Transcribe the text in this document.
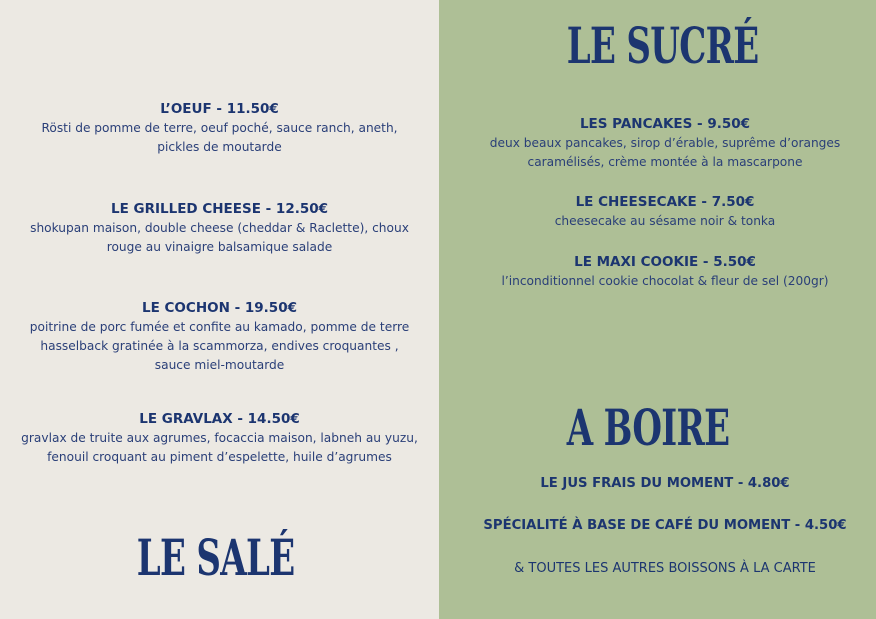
L’OEUF - 11.50€
Rösti de pomme de terre, oeuf poché, sauce ranch, aneth,
pickles de moutarde
LE GRILLED CHEESE - 12.50€
shokupan maison, double cheese (cheddar & Raclette), choux
rouge au vinaigre balsamique salade
LE COCHON - 19.50€
poitrine de porc fumée et confite au kamado, pomme de terre
hasselback gratinée à la scammorza, endives croquantes ,
sauce miel-moutarde
LE GRAVLAX - 14.50€
gravlax de truite aux agrumes, focaccia maison, labneh au yuzu,
fenouil croquant au piment d’espelette, huile d’agrumes
LE SALÉ
LE SUCRÉ
LES PANCAKES - 9.50€
deux beaux pancakes, sirop d’érable, suprême d’oranges
caramélisés, crème montée à la mascarpone
LE CHEESECAKE - 7.50€
cheesecake au sésame noir & tonka
LE MAXI COOKIE - 5.50€
l’inconditionnel cookie chocolat & fleur de sel (200gr)
A BOIRE
LE JUS FRAIS DU MOMENT - 4.80€
SPÉCIALITÉ À BASE DE CAFÉ DU MOMENT - 4.50€
& TOUTES LES AUTRES BOISSONS À LA CARTE
